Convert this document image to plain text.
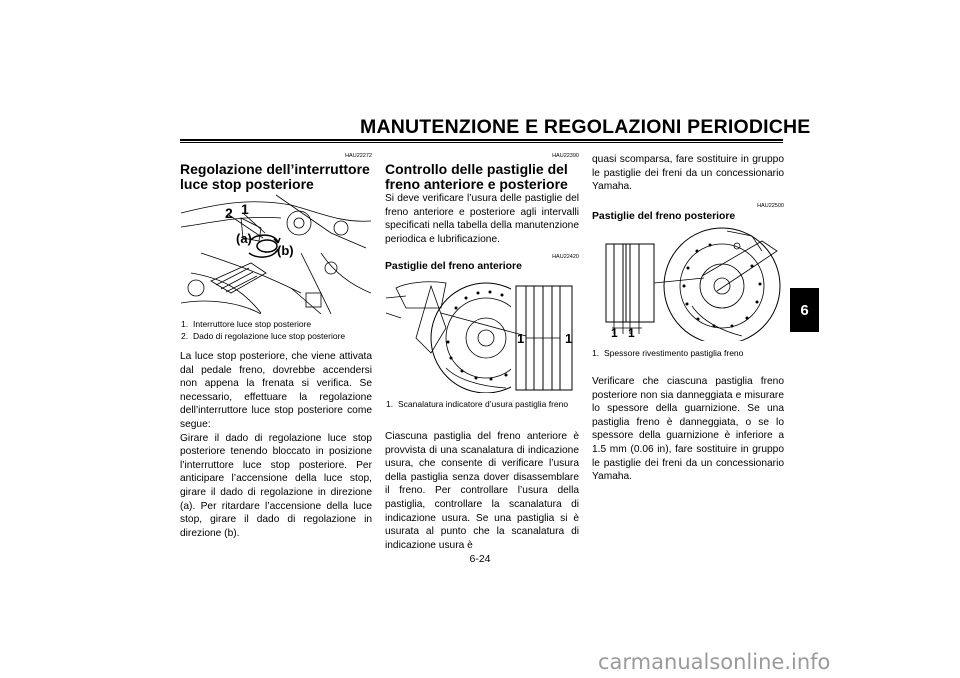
MANUTENZIONE E REGOLAZIONI PERIODICHE
6
HAU22272
Regolazione dell’interruttore luce stop posteriore
2 1
(a)
(b)
1. Interruttore luce stop posteriore
2. Dado di regolazione luce stop posteriore
La luce stop posteriore, che viene attivata dal pedale freno, dovrebbe accendersi non appena la frenata si verifica. Se necessario, effettuare la regolazione dell’interruttore luce stop posteriore come segue:
Girare il dado di regolazione luce stop posteriore tenendo bloccato in posizione l’interruttore luce stop posteriore. Per anticipare l’accensione della luce stop, girare il dado di regolazione in direzione (a). Per ritardare l’accensione della luce stop, girare il dado di regolazione in direzione (b).
HAU22390
Controllo delle pastiglie del freno anteriore e posteriore
Si deve verificare l’usura delle pastiglie del freno anteriore e posteriore agli intervalli specificati nella tabella della manutenzione periodica e lubrificazione.
HAU22420
Pastiglie del freno anteriore
1	1
1. Scanalatura indicatore d’usura pastiglia freno
Ciascuna pastiglia del freno anteriore è provvista di una scanalatura di indicazione usura, che consente di verificare l’usura della pastiglia senza dover disassemblare il freno. Per controllare l’usura della pastiglia, controllare la scanalatura di indicazione usura. Se una pastiglia si è usurata al punto che la scanalatura di indicazione usura è
quasi scomparsa, fare sostituire in gruppo le pastiglie dei freni da un concessionario Yamaha.
HAU22500
Pastiglie del freno posteriore
1 1
1. Spessore rivestimento pastiglia freno
Verificare che ciascuna pastiglia freno posteriore non sia danneggiata e misurare lo spessore della guarnizione. Se una pastiglia freno è danneggiata, o se lo spessore della guarnizione è inferiore a 1.5 mm (0.06 in), fare sostituire in gruppo le pastiglie dei freni da un concessionario Yamaha.
6-24
carmanualsonline.info
